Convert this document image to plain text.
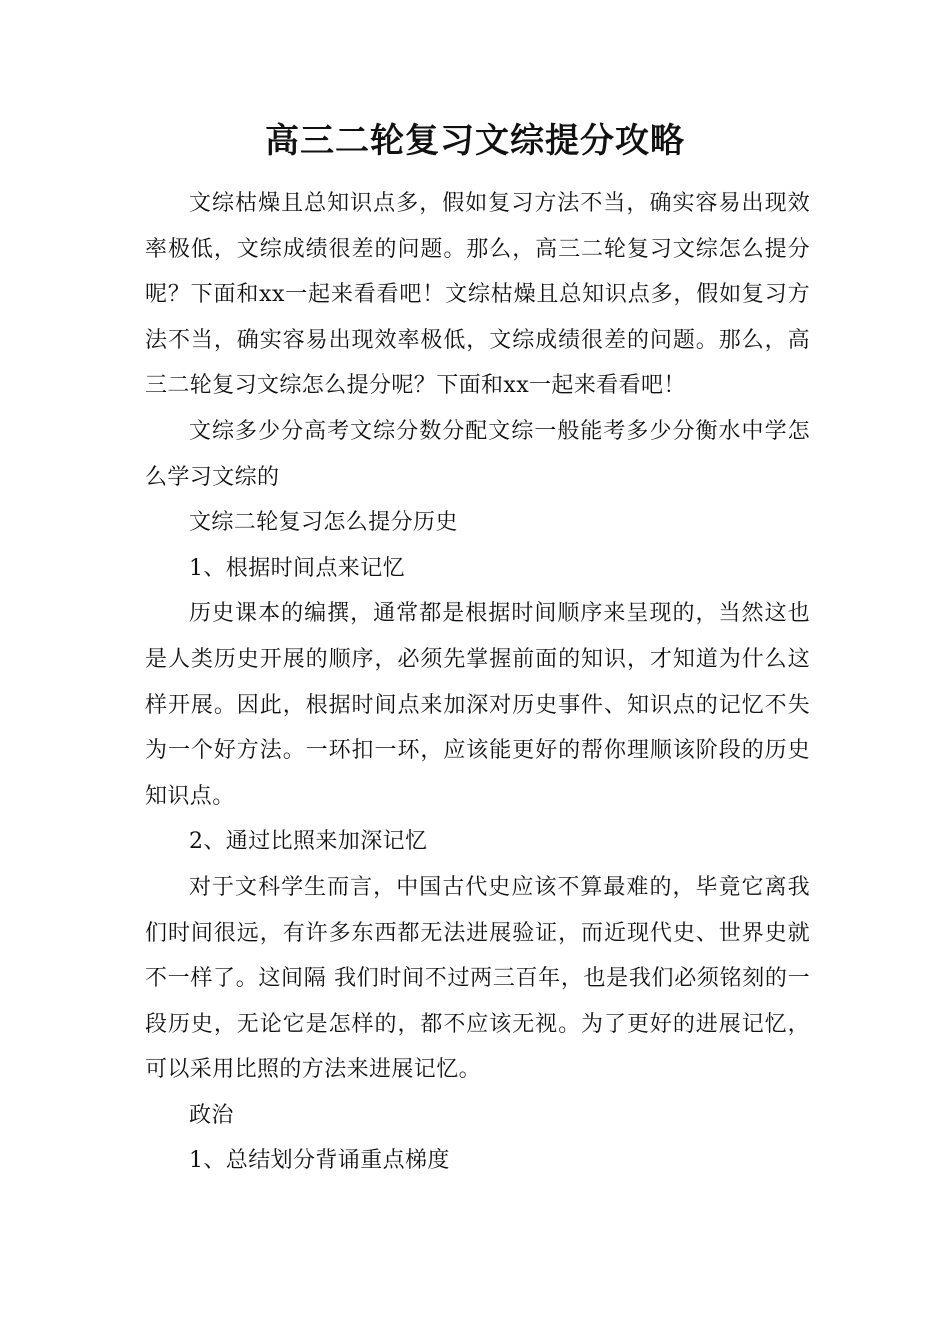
高三二轮复习文综提分攻略

文综枯燥且总知识点多，假如复习方法不当，确实容易出现效率极低，文综成绩很差的问题。那么，高三二轮复习文综怎么提分呢？下面和xx一起来看看吧！文综枯燥且总知识点多，假如复习方法不当，确实容易出现效率极低，文综成绩很差的问题。那么，高三二轮复习文综怎么提分呢？下面和xx一起来看看吧！

文综多少分高考文综分数分配文综一般能考多少分衡水中学怎么学习文综的

文综二轮复习怎么提分历史

1、根据时间点来记忆

历史课本的编撰，通常都是根据时间顺序来呈现的，当然这也是人类历史开展的顺序，必须先掌握前面的知识，才知道为什么这样开展。因此，根据时间点来加深对历史事件、知识点的记忆不失为一个好方法。一环扣一环，应该能更好的帮你理顺该阶段的历史知识点。

2、通过比照来加深记忆

对于文科学生而言，中国古代史应该不算最难的，毕竟它离我们时间很远，有许多东西都无法进展验证，而近现代史、世界史就不一样了。这间隔 我们时间不过两三百年，也是我们必须铭刻的一段历史，无论它是怎样的，都不应该无视。为了更好的进展记忆，可以采用比照的方法来进展记忆。

政治

1、总结划分背诵重点梯度
